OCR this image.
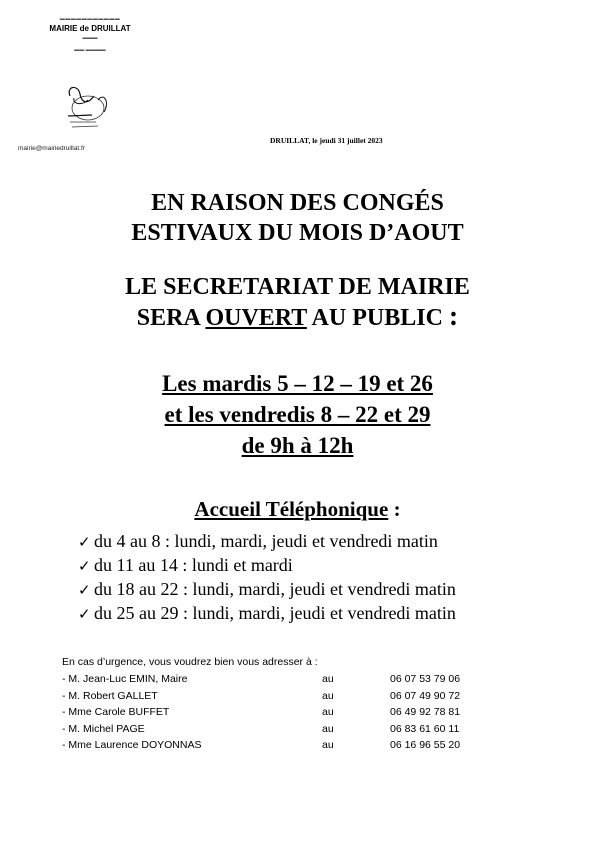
▬▬▬▬▬▬▬▬▬▬▬
MAIRIE de DRUILLAT
▬▬▬
▬▬ ▬▬▬▬
mairie@mairiedruillat.fr
DRUILLAT, le jeudi 31 juillet 2023
EN RAISON DES CONGÉS
ESTIVAUX DU MOIS D’AOUT
LE SECRETARIAT DE MAIRIE
SERA OUVERT AU PUBLIC :
Les mardis 5 – 12 – 19 et 26
et les vendredis 8 – 22 et 29
de 9h à 12h
Accueil Téléphonique :
✓ du 4 au 8 : lundi, mardi, jeudi et vendredi matin
✓ du 11 au 14 : lundi et mardi
✓ du 18 au 22 : lundi, mardi, jeudi et vendredi matin
✓ du 25 au 29 : lundi, mardi, jeudi et vendredi matin
En cas d’urgence, vous voudrez bien vous adresser à :
- M. Jean-Luc EMIN, Maire	au	06 07 53 79 06
- M. Robert GALLET	au	06 07 49 90 72
- Mme Carole BUFFET	au	06 49 92 78 81
- M. Michel PAGE	au	06 83 61 60 11
- Mme Laurence DOYONNAS	au	06 16 96 55 20
